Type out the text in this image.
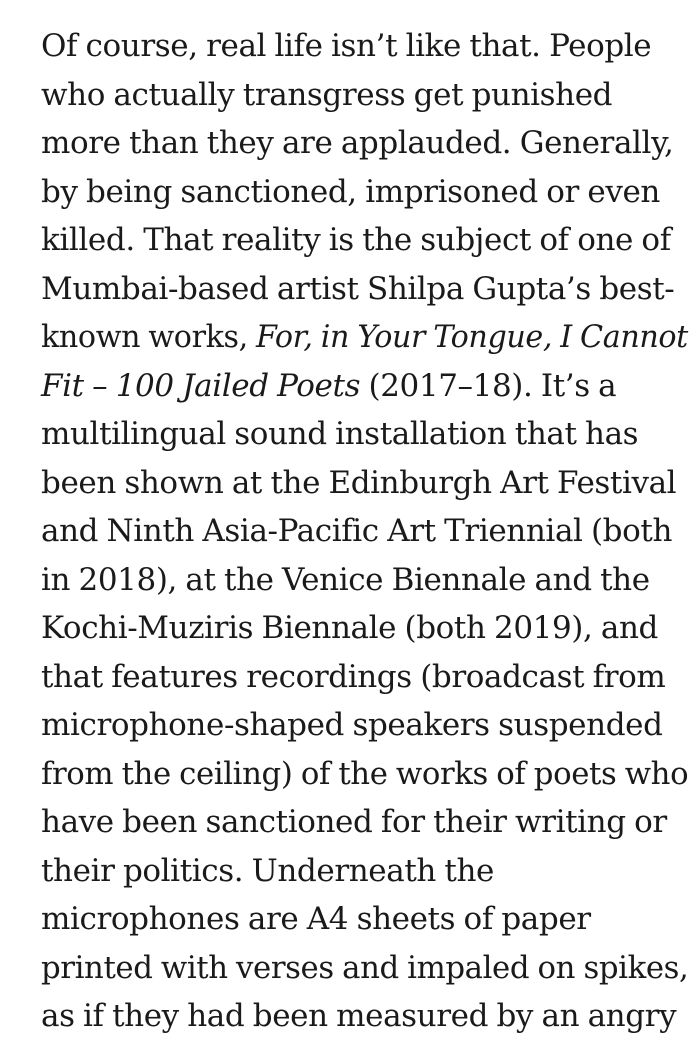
Of course, real life isn’t like that. People
who actually transgress get punished
more than they are applauded. Generally,
by being sanctioned, imprisoned or even
killed. That reality is the subject of one of
Mumbai-based artist Shilpa Gupta’s best-
known works, For, in Your Tongue, I Cannot
Fit – 100 Jailed Poets (2017–18). It’s a
multilingual sound installation that has
been shown at the Edinburgh Art Festival
and Ninth Asia-Pacific Art Triennial (both
in 2018), at the Venice Biennale and the
Kochi-Muziris Biennale (both 2019), and
that features recordings (broadcast from
microphone-shaped speakers suspended
from the ceiling) of the works of poets who
have been sanctioned for their writing or
their politics. Underneath the
microphones are A4 sheets of paper
printed with verses and impaled on spikes,
as if they had been measured by an angry
